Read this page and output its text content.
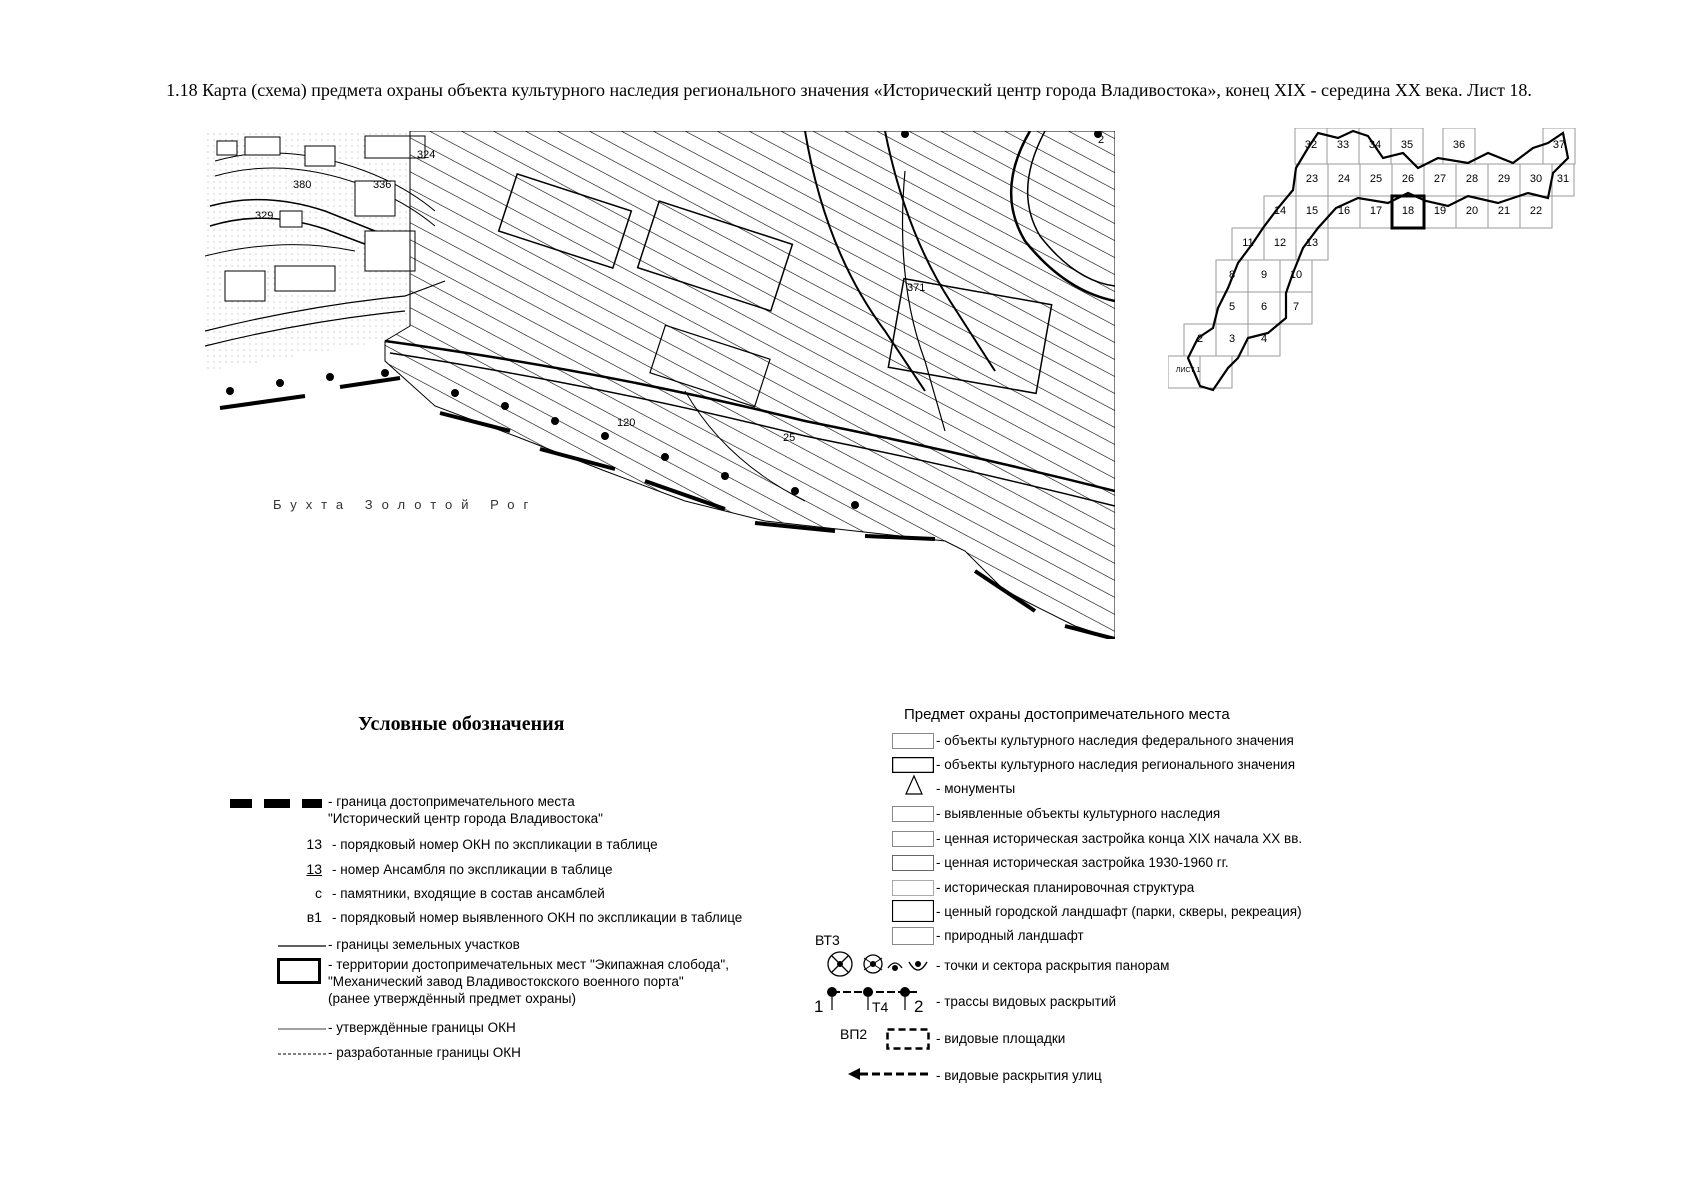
1.18 Карта (схема) предмета охраны объекта культурного наследия регионального значения «Исторический центр города Владивостока», конец XIX - середина XX века. Лист 18.
324
380
329
336
371
120
25
2
Бухта Золотой Рог
32	33	34	35	36	37
23	24	25	26	27	28	29	30	31
14	15	16	17	18	19	20	21	22
11	12	13
8	9	10
5	6	7
2	3	4
ЛИСТ 1
Условные обозначения
- граница достопримечательного места
"Исторический центр города Владивостока"
13 - порядковый номер ОКН по экспликации в таблице
13 - номер Ансамбля по экспликации в таблице
с - памятники, входящие в состав ансамблей
в1 - порядковый номер выявленного ОКН по экспликации в таблице
- границы земельных участков
- территории достопримечательных мест "Экипажная слобода",
"Механический завод Владивостокского военного порта"
(ранее утверждённый предмет охраны)
- утверждённые границы ОКН
- разработанные границы ОКН
Предмет охраны достопримечательного места
- объекты культурного наследия федерального значения
- объекты культурного наследия регионального значения
- монументы
- выявленные объекты культурного наследия
- ценная историческая застройка конца XIX начала XX вв.
- ценная историческая застройка 1930-1960 гг.
- историческая планировочная структура
- ценный городской ландшафт (парки, скверы, рекреация)
- природный ландшафт
ВТ3
- точки и сектора раскрытия панорам
1	Т4 2 - трассы видовых раскрытий
ВП2	- видовые площадки
- видовые раскрытия улиц
